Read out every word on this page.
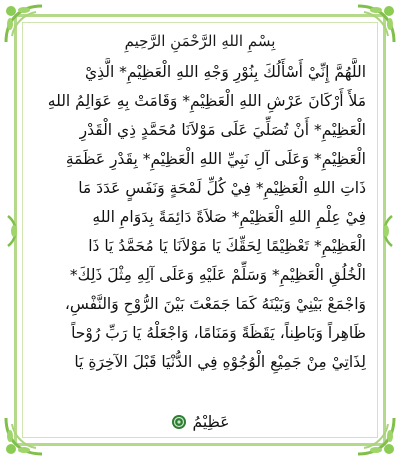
بِسْمِ اللهِ الرَّحْمَنِ الرَّحِيمِ
اللَّهُمَّ إِنِّيْ أَسْأَلُكَ بِنُوْرِ وَجْهِ اللهِ الْعَظِيْمِ* الَّذِيْ
مَلأَ أَرْكَانَ عَرْشِ اللهِ الْعَظِيْمِ* وَقَامَتْ بِهِ عَوَالِمُ اللهِ
الْعَظِيْمِ* أَنْ تُصَلِّيَ عَلَى مَوْلاَنَا مُحَمَّدٍ ذِي الْقَدْرِ
الْعَظِيْمِ* وَعَلَى آلِ نَبِيِّ اللهِ الْعَظِيْمِ* بِقَدْرِ عَظَمَةِ
ذَاتِ اللهِ الْعَظِيْمِ* فِيْ كُلِّ لَمْحَةٍ وَنَفَسٍ عَدَدَ مَا
فِيْ عِلْمِ اللهِ الْعَظِيْمِ* صَلاَةً دَائِمَةً بِدَوَامِ اللهِ
الْعَظِيْمِ* تَعْظِيْمًا لِحَقِّكَ يَا مَوْلاَنَا يَا مُحَمَّدُ يَا ذَا
الْخُلُقِ الْعَظِيْمِ* وَسَلِّمْ عَلَيْهِ وَعَلَى آلِهِ مِثْلَ ذَلِكَ*
وَاجْمَعْ بَيْنِيْ وَبَيْنَهُ كَمَا جَمَعْتَ بَيْنَ الرُّوْحِ وَالنَّفْسِ،
ظَاهِراً وَبَاطِناً، يَقَظَةً وَمَنَامًا، وَاجْعَلْهُ يَا رَبِّ رُوْحاً
لِذَاتِيْ مِنْ جَمِيْعِ الْوُجُوْهِ فِي الدُّنْيَا قَبْلَ الآخِرَةِ يَا
عَظِيْمُ
